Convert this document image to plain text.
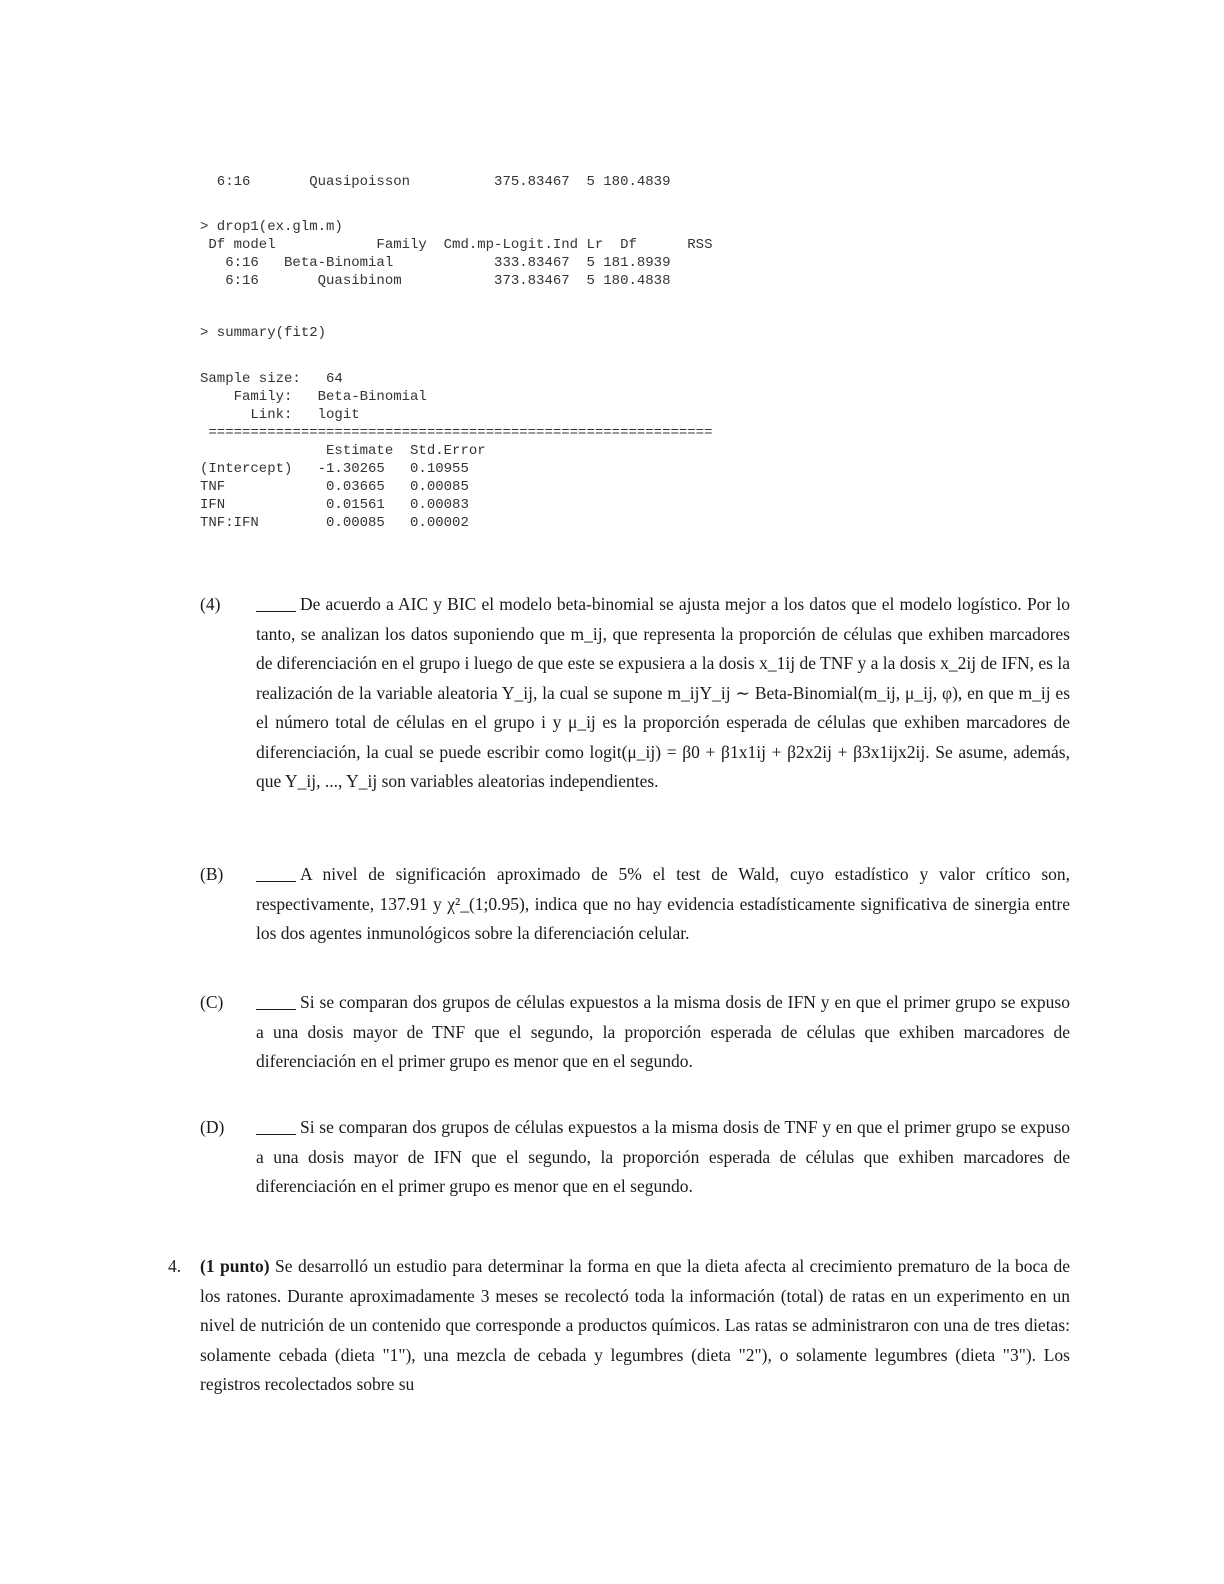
6:16       Quasipoisson          375.83467  5 180.4839
> drop1(ex.glm.m)
Df model            Family  Cmd.mp-Logit.Ind Lr  Df      RSS
6:16   Beta-Binomial            333.83467  5 181.8939
6:16       Quasibinom           373.83467  5 180.4838
> summary(fit2)
Sample size:   64
Family:   Beta-Binomial
Link:   logit
============================================================
Estimate  Std.Error
(Intercept)   -1.30265   0.10955
TNF            0.03665   0.00085
IFN            0.01561   0.00083
TNF:IFN        0.00085   0.00002
(4)	De acuerdo a AIC y BIC el modelo beta-binomial se ajusta mejor a los datos que el modelo logístico. Por lo tanto, se analizan los datos suponiendo que m_ij, que representa la proporción de células que exhiben marcadores de diferenciación en el grupo i luego de que este se expusiera a la dosis x_1ij de TNF y a la dosis x_2ij de IFN, es la realización de la variable aleatoria Y_ij, la cual se supone m_ijY_ij ∼ Beta-Binomial(m_ij, μ_ij, φ), en que m_ij es el número total de células en el grupo i y μ_ij es la proporción esperada de células que exhiben marcadores de diferenciación, la cual se puede escribir como logit(μ_ij) = β0 + β1x1ij + β2x2ij + β3x1ijx2ij. Se asume, además, que Y_ij, ..., Y_ij son variables aleatorias independientes.
(B)	A nivel de significación aproximado de 5% el test de Wald, cuyo estadístico y valor crítico son, respectivamente, 137.91 y χ²_(1;0.95), indica que no hay evidencia estadísticamente significativa de sinergia entre los dos agentes inmunológicos sobre la diferenciación celular.
(C)	Si se comparan dos grupos de células expuestos a la misma dosis de IFN y en que el primer grupo se expuso a una dosis mayor de TNF que el segundo, la proporción esperada de células que exhiben marcadores de diferenciación en el primer grupo es menor que en el segundo.
(D)	Si se comparan dos grupos de células expuestos a la misma dosis de TNF y en que el primer grupo se expuso a una dosis mayor de IFN que el segundo, la proporción esperada de células que exhiben marcadores de diferenciación en el primer grupo es menor que en el segundo.
4. (1 punto) Se desarrolló un estudio para determinar la forma en que la dieta afecta al crecimiento prematuro de la boca de los ratones. Durante aproximadamente 3 meses se recolectó toda la información (total) de ratas en un experimento en un nivel de nutrición de un contenido que corresponde a productos químicos. Las ratas se administraron con una de tres dietas: solamente cebada (dieta "1"), una mezcla de cebada y legumbres (dieta "2"), o solamente legumbres (dieta "3"). Los registros recolectados sobre su
